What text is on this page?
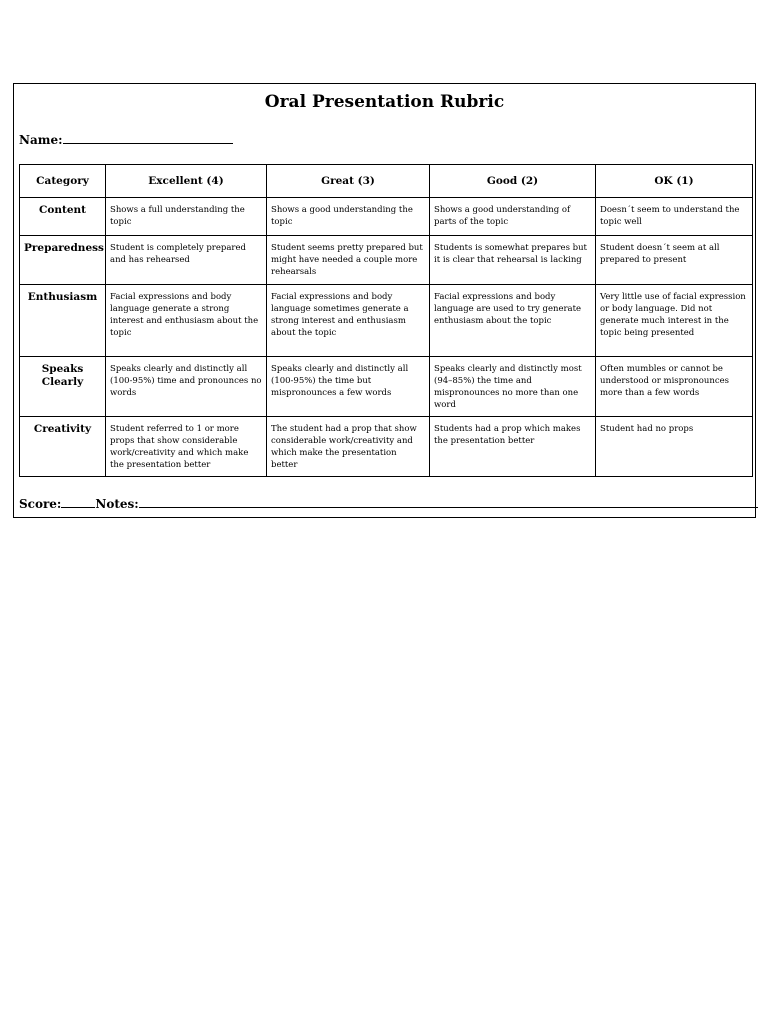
Oral Presentation Rubric
Name:
Category	Excellent (4)	Great (3)	Good (2)	OK (1)
Content	Shows a full understanding the topic	Shows a good understanding the topic	Shows a good understanding of parts of the topic	Doesn´t seem to understand the topic well
Preparedness	Student is completely prepared and has rehearsed	Student seems pretty prepared but might have needed a couple more rehearsals	Students is somewhat prepares but it is clear that rehearsal is lacking	Student doesn´t seem at all prepared to present
Enthusiasm	Facial expressions and body language generate a strong interest and enthusiasm about the topic	Facial expressions and body language sometimes generate a strong interest and enthusiasm about the topic	Facial expressions and body language are used to try generate enthusiasm about the topic	Very little use of facial expression or body language. Did not generate much interest in the topic being presented
Speaks Clearly	Speaks clearly and distinctly all (100-95%) time and pronounces no words	Speaks clearly and distinctly all (100-95%) the time but mispronounces a few words	Speaks clearly and distinctly most (94–85%) the time and mispronounces no more than one word	Often mumbles or cannot be understood or mispronounces more than a few words
Creativity	Student referred to 1 or more props that show considerable work/creativity and which make the presentation better	The student had a prop that show considerable work/creativity and which make the presentation better	Students had a prop which makes the presentation better	Student had no props
Score:	Notes:
